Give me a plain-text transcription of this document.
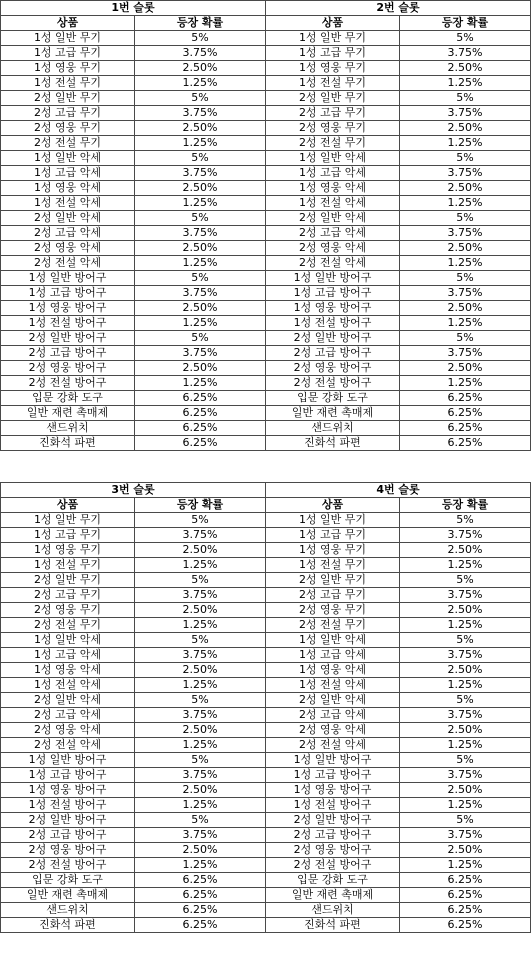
1번 슬롯	
상품	등장 확률
1성 일반 무기	5%
1성 고급 무기	3.75%
1성 영웅 무기	2.50%
1성 전설 무기	1.25%
2성 일반 무기	5%
2성 고급 무기	3.75%
2성 영웅 무기	2.50%
2성 전설 무기	1.25%
1성 일반 악세	5%
1성 고급 악세	3.75%
1성 영웅 악세	2.50%
1성 전설 악세	1.25%
2성 일반 악세	5%
2성 고급 악세	3.75%
2성 영웅 악세	2.50%
2성 전설 악세	1.25%
1성 일반 방어구	5%
1성 고급 방어구	3.75%
1성 영웅 방어구	2.50%
1성 전설 방어구	1.25%
2성 일반 방어구	5%
2성 고급 방어구	3.75%
2성 영웅 방어구	2.50%
2성 전설 방어구	1.25%
입문 강화 도구	6.25%
일반 재련 촉매제	6.25%
샌드위치	6.25%
진화석 파편	6.25%
2번 슬롯	
상품	등장 확률
1성 일반 무기	5%
1성 고급 무기	3.75%
1성 영웅 무기	2.50%
1성 전설 무기	1.25%
2성 일반 무기	5%
2성 고급 무기	3.75%
2성 영웅 무기	2.50%
2성 전설 무기	1.25%
1성 일반 악세	5%
1성 고급 악세	3.75%
1성 영웅 악세	2.50%
1성 전설 악세	1.25%
2성 일반 악세	5%
2성 고급 악세	3.75%
2성 영웅 악세	2.50%
2성 전설 악세	1.25%
1성 일반 방어구	5%
1성 고급 방어구	3.75%
1성 영웅 방어구	2.50%
1성 전설 방어구	1.25%
2성 일반 방어구	5%
2성 고급 방어구	3.75%
2성 영웅 방어구	2.50%
2성 전설 방어구	1.25%
입문 강화 도구	6.25%
일반 재련 촉매제	6.25%
샌드위치	6.25%
진화석 파편	6.25%
3번 슬롯	
상품	등장 확률
1성 일반 무기	5%
1성 고급 무기	3.75%
1성 영웅 무기	2.50%
1성 전설 무기	1.25%
2성 일반 무기	5%
2성 고급 무기	3.75%
2성 영웅 무기	2.50%
2성 전설 무기	1.25%
1성 일반 악세	5%
1성 고급 악세	3.75%
1성 영웅 악세	2.50%
1성 전설 악세	1.25%
2성 일반 악세	5%
2성 고급 악세	3.75%
2성 영웅 악세	2.50%
2성 전설 악세	1.25%
1성 일반 방어구	5%
1성 고급 방어구	3.75%
1성 영웅 방어구	2.50%
1성 전설 방어구	1.25%
2성 일반 방어구	5%
2성 고급 방어구	3.75%
2성 영웅 방어구	2.50%
2성 전설 방어구	1.25%
입문 강화 도구	6.25%
일반 재련 촉매제	6.25%
샌드위치	6.25%
진화석 파편	6.25%
4번 슬롯	
상품	등장 확률
1성 일반 무기	5%
1성 고급 무기	3.75%
1성 영웅 무기	2.50%
1성 전설 무기	1.25%
2성 일반 무기	5%
2성 고급 무기	3.75%
2성 영웅 무기	2.50%
2성 전설 무기	1.25%
1성 일반 악세	5%
1성 고급 악세	3.75%
1성 영웅 악세	2.50%
1성 전설 악세	1.25%
2성 일반 악세	5%
2성 고급 악세	3.75%
2성 영웅 악세	2.50%
2성 전설 악세	1.25%
1성 일반 방어구	5%
1성 고급 방어구	3.75%
1성 영웅 방어구	2.50%
1성 전설 방어구	1.25%
2성 일반 방어구	5%
2성 고급 방어구	3.75%
2성 영웅 방어구	2.50%
2성 전설 방어구	1.25%
입문 강화 도구	6.25%
일반 재련 촉매제	6.25%
샌드위치	6.25%
진화석 파편	6.25%
